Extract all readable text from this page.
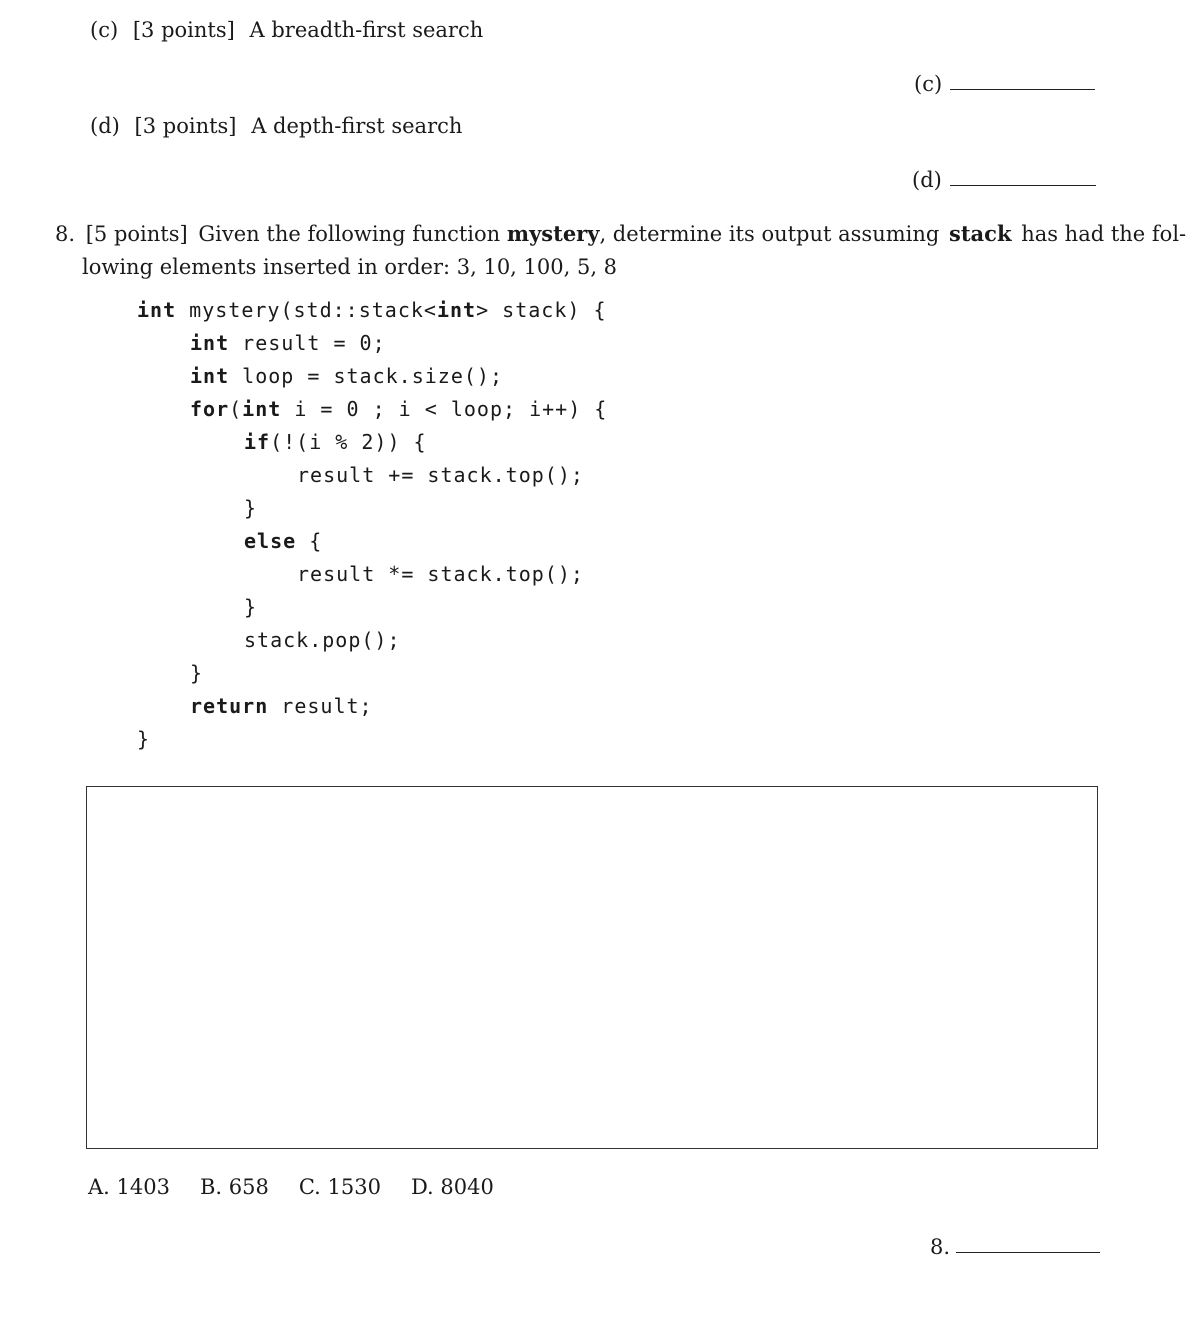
(c) [3 points] A breadth-first search
(c)
(d) [3 points] A depth-first search
(d)
8. [5 points] Given the following function mystery, determine its output assuming stack has had the fol-
lowing elements inserted in order: 3, 10, 100, 5, 8
int mystery(std::stack<int> stack) {
int result = 0;
int loop = stack.size();
for(int i = 0 ; i < loop; i++) {
if(!(i % 2)) {
result += stack.top();
}
else {
result *= stack.top();
}
stack.pop();
}
return result;
}
A. 1403 B. 658 C. 1530 D. 8040
8.
